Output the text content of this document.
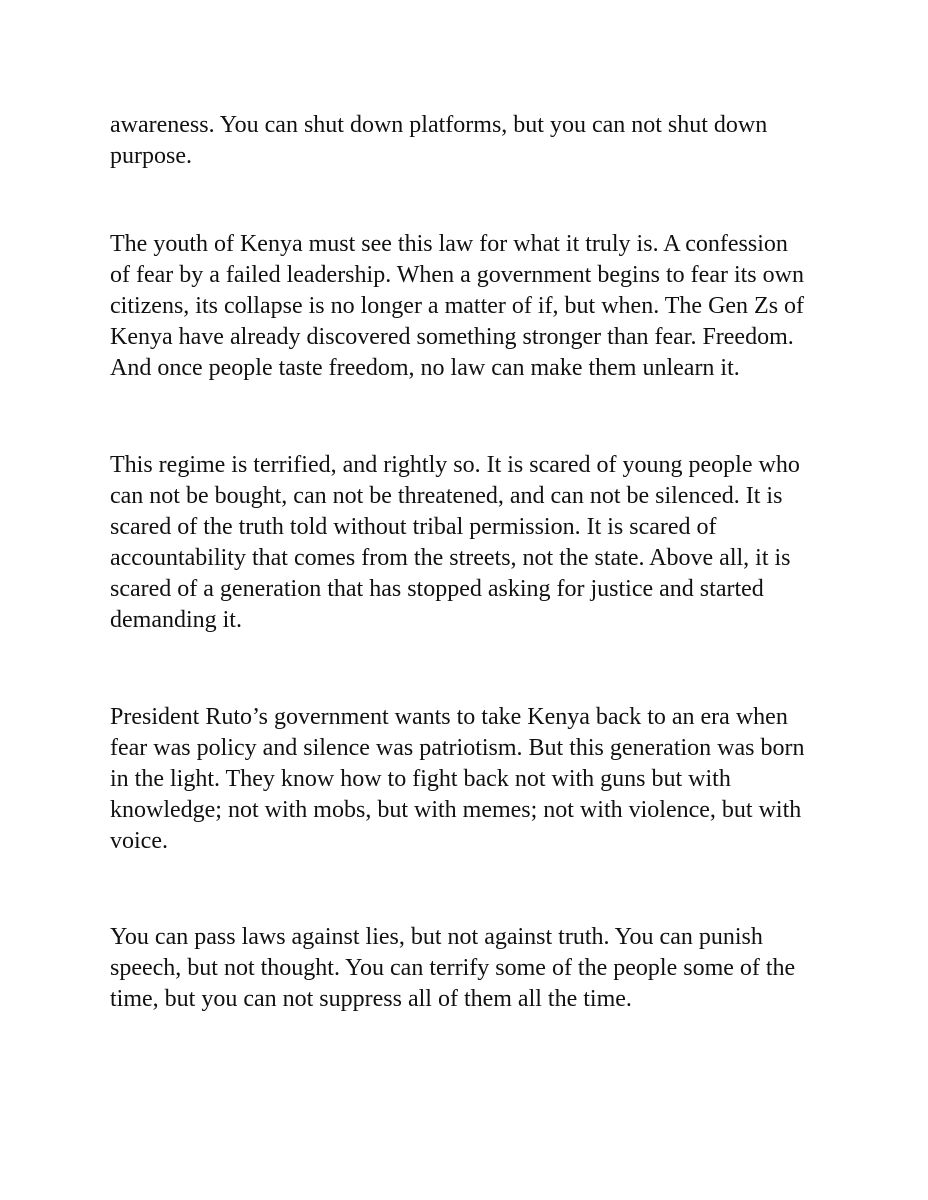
awareness. You can shut down platforms, but you can not shut down
purpose.

The youth of Kenya must see this law for what it truly is. A confession
of fear by a failed leadership. When a government begins to fear its own
citizens, its collapse is no longer a matter of if, but when. The Gen Zs of
Kenya have already discovered something stronger than fear. Freedom.
And once people taste freedom, no law can make them unlearn it.

This regime is terrified, and rightly so. It is scared of young people who
can not be bought, can not be threatened, and can not be silenced. It is
scared of the truth told without tribal permission. It is scared of
accountability that comes from the streets, not the state. Above all, it is
scared of a generation that has stopped asking for justice and started
demanding it.

President Ruto’s government wants to take Kenya back to an era when
fear was policy and silence was patriotism. But this generation was born
in the light. They know how to fight back not with guns but with
knowledge; not with mobs, but with memes; not with violence, but with
voice.

You can pass laws against lies, but not against truth. You can punish
speech, but not thought. You can terrify some of the people some of the
time, but you can not suppress all of them all the time.
